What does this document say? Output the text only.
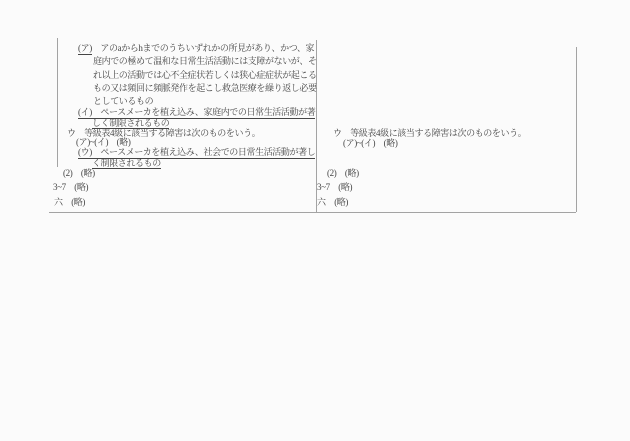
(ア)　アのaからhまでのうちいずれかの所見があり、かつ、家
庭内での極めて温和な日常生活活動には支障がないが、そ
れ以上の活動では心不全症状若しくは狭心症症状が起こる
もの又は頻回に頻脈発作を起こし救急医療を繰り返し必要
としているもの
(イ)　ペースメーカを植え込み、家庭内での日常生活活動が著
しく制限されるもの
ウ　等級表4級に該当する障害は次のものをいう。
(ア)~(イ)　(略)
(ウ)　ペースメーカを植え込み、社会での日常生活活動が著し
く制限されるもの
(2)　(略)
3~7　(略)
六　(略)
ウ　等級表4級に該当する障害は次のものをいう。
(ア)~(イ)　(略)
(2)　(略)
3~7　(略)
六　(略)
